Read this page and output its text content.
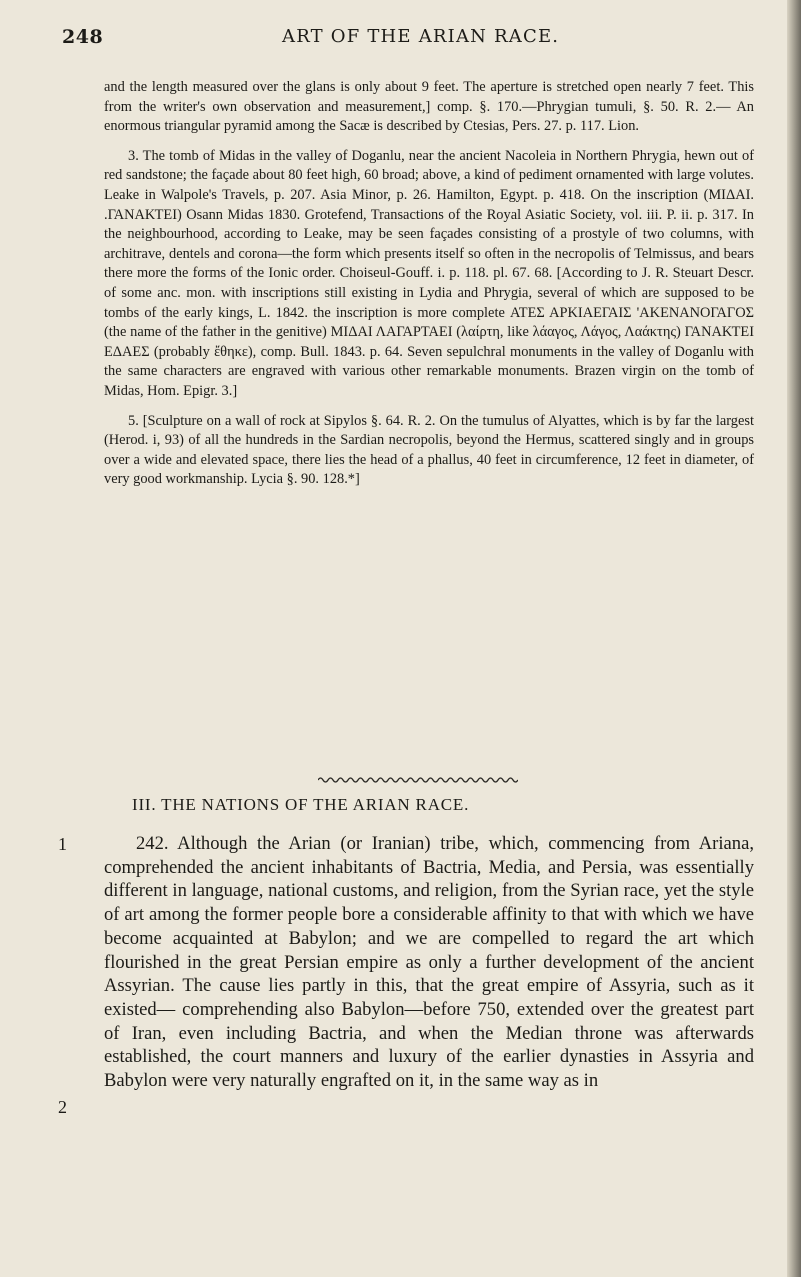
248	ART OF THE ARIAN RACE.

and the length measured over the glans is only about 9 feet. The aperture is stretched open nearly 7 feet. This from the writer's own observation and measurement,] comp. §. 170.—Phrygian tumuli, §. 50. R. 2.— An enormous triangular pyramid among the Sacæ is described by Ctesias, Pers. 27. p. 117. Lion.

3. The tomb of Midas in the valley of Doganlu, near the ancient Nacoleia in Northern Phrygia, hewn out of red sandstone; the façade about 80 feet high, 60 broad; above, a kind of pediment ornamented with large volutes. Leake in Walpole's Travels, p. 207. Asia Minor, p. 26. Hamilton, Egypt. p. 418. On the inscription (ΜΙΔΑΙ. .ΓΑΝΑΚΤΕΙ) Osann Midas 1830. Grotefend, Transactions of the Royal Asiatic Society, vol. iii. P. ii. p. 317. In the neighbourhood, according to Leake, may be seen façades consisting of a prostyle of two columns, with architrave, dentels and corona—the form which presents itself so often in the necropolis of Telmissus, and bears there more the forms of the Ionic order. Choiseul-Gouff. i. p. 118. pl. 67. 68. [According to J. R. Steuart Descr. of some anc. mon. with inscriptions still existing in Lydia and Phrygia, several of which are supposed to be tombs of the early kings, L. 1842. the inscription is more complete ΑΤΕΣ ΑΡΚΙΑΕΓΑΙΣ 'ΑΚΕΝΑΝΟΓΑΓΟΣ (the name of the father in the genitive) ΜΙΔΑΙ ΛΑΓΑΡΤΑΕΙ (λαίρτη, like λάαγος, Λάγος, Λαάκτης) ΓΑΝΑΚΤΕΙ ΕΔΑΕΣ (probably ἔθηκε), comp. Bull. 1843. p. 64. Seven sepulchral monuments in the valley of Doganlu with the same characters are engraved with various other remarkable monuments. Brazen virgin on the tomb of Midas, Hom. Epigr. 3.]

5. [Sculpture on a wall of rock at Sipylos §. 64. R. 2. On the tumulus of Alyattes, which is by far the largest (Herod. i, 93) of all the hundreds in the Sardian necropolis, beyond the Hermus, scattered singly and in groups over a wide and elevated space, there lies the head of a phallus, 40 feet in circumference, 12 feet in diameter, of very good workmanship. Lycia §. 90. 128.*]

III. THE NATIONS OF THE ARIAN RACE.
1
2

242. Although the Arian (or Iranian) tribe, which, commencing from Ariana, comprehended the ancient inhabitants of Bactria, Media, and Persia, was essentially different in language, national customs, and religion, from the Syrian race, yet the style of art among the former people bore a considerable affinity to that with which we have become acquainted at Babylon; and we are compelled to regard the art which flourished in the great Persian empire as only a further development of the ancient Assyrian. The cause lies partly in this, that the great empire of Assyria, such as it existed— comprehending also Babylon—before 750, extended over the greatest part of Iran, even including Bactria, and when the Median throne was afterwards established, the court manners and luxury of the earlier dynasties in Assyria and Babylon were very naturally engrafted on it, in the same way as in
